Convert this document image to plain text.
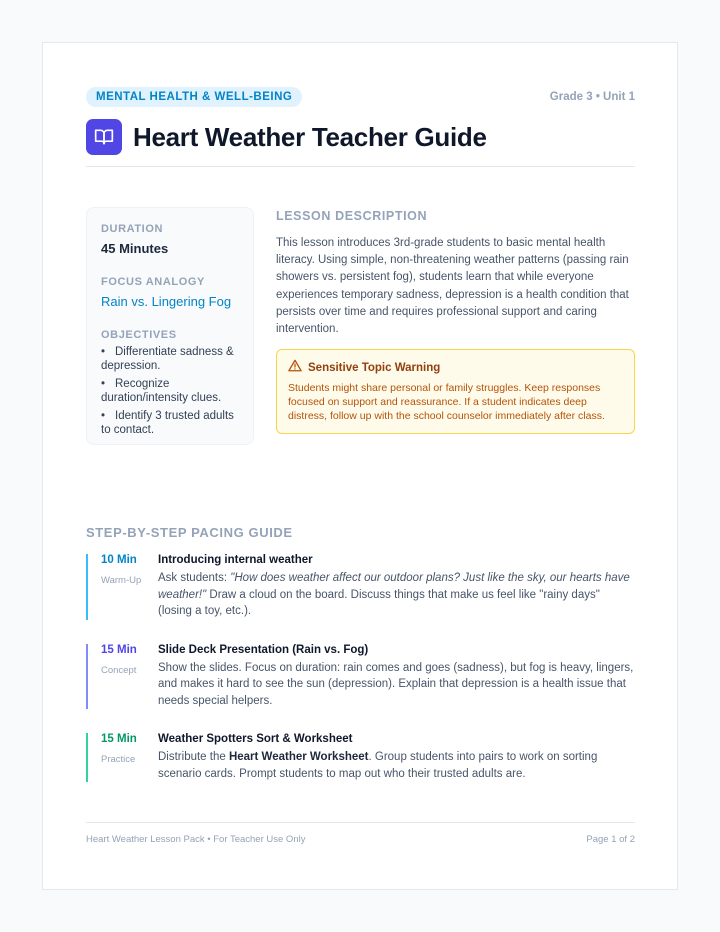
MENTAL HEALTH & WELL-BEING	Grade 3 • Unit 1
Heart Weather Teacher Guide
DURATION
45 Minutes
FOCUS ANALOGY
Rain vs. Lingering Fog
OBJECTIVES
• Differentiate sadness & depression.
• Recognize duration/intensity clues.
• Identify 3 trusted adults to contact.
LESSON DESCRIPTION

This lesson introduces 3rd-grade students to basic mental health literacy. Using simple, non-threatening weather patterns (passing rain showers vs. persistent fog), students learn that while everyone experiences temporary sadness, depression is a health condition that persists over time and requires professional support and caring intervention.

Sensitive Topic Warning

Students might share personal or family struggles. Keep responses focused on support and reassurance. If a student indicates deep distress, follow up with the school counselor immediately after class.

STEP-BY-STEP PACING GUIDE
10 Min
Warm-Up
Introducing internal weather

Ask students: "How does weather affect our outdoor plans? Just like the sky, our hearts have weather!" Draw a cloud on the board. Discuss things that make us feel like "rainy days" (losing a toy, etc.).

15 Min
Concept
Slide Deck Presentation (Rain vs. Fog)

Show the slides. Focus on duration: rain comes and goes (sadness), but fog is heavy, lingers, and makes it hard to see the sun (depression). Explain that depression is a health issue that needs special helpers.

15 Min
Practice
Weather Spotters Sort & Worksheet

Distribute the Heart Weather Worksheet. Group students into pairs to work on sorting scenario cards. Prompt students to map out who their trusted adults are.

Heart Weather Lesson Pack • For Teacher Use Only	Page 1 of 2
